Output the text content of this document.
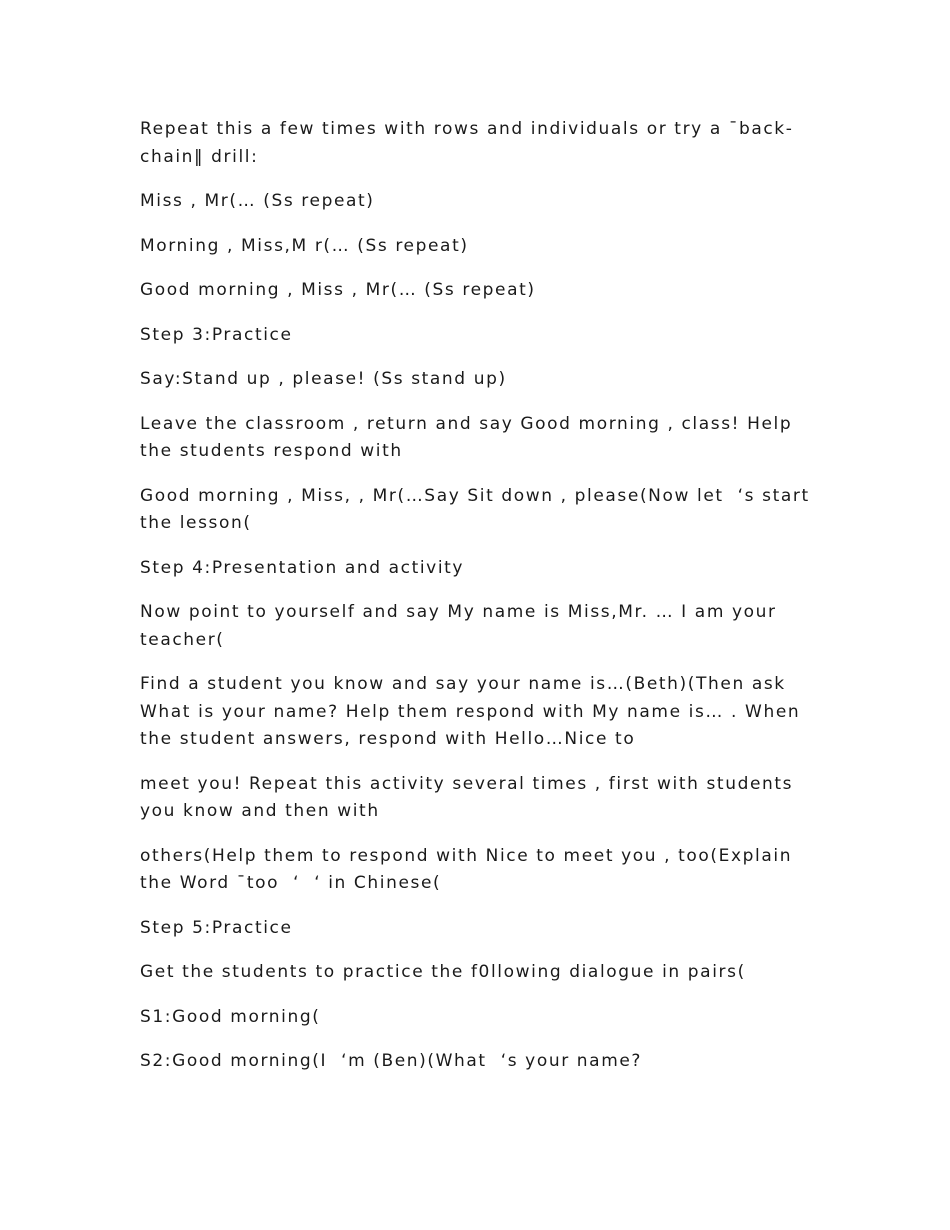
Repeat this a few times with rows and individuals or try a ¯back-chain‖ drill:

Miss , Mr(… (Ss repeat)

Morning , Miss,M r(… (Ss repeat)

Good morning , Miss , Mr(… (Ss repeat)

Step 3:Practice

Say:Stand up , please! (Ss stand up)

Leave the classroom , return and say Good morning , class! Help the students respond with

Good morning , Miss, , Mr(…Say Sit down , please(Now let  ‘s start the lesson(

Step 4:Presentation and activity

Now point to yourself and say My name is Miss,Mr. … I am your teacher(

Find a student you know and say your name is…(Beth)(Then ask What is your name? Help them respond with My name is… . When the student answers, respond with Hello…Nice to

meet you! Repeat this activity several times , first with students you know and then with

others(Help them to respond with Nice to meet you , too(Explain the Word ¯too  ‘  ‘ in Chinese(

Step 5:Practice

Get the students to practice the f0llowing dialogue in pairs(

S1:Good morning(

S2:Good morning(I  ‘m (Ben)(What  ‘s your name?
